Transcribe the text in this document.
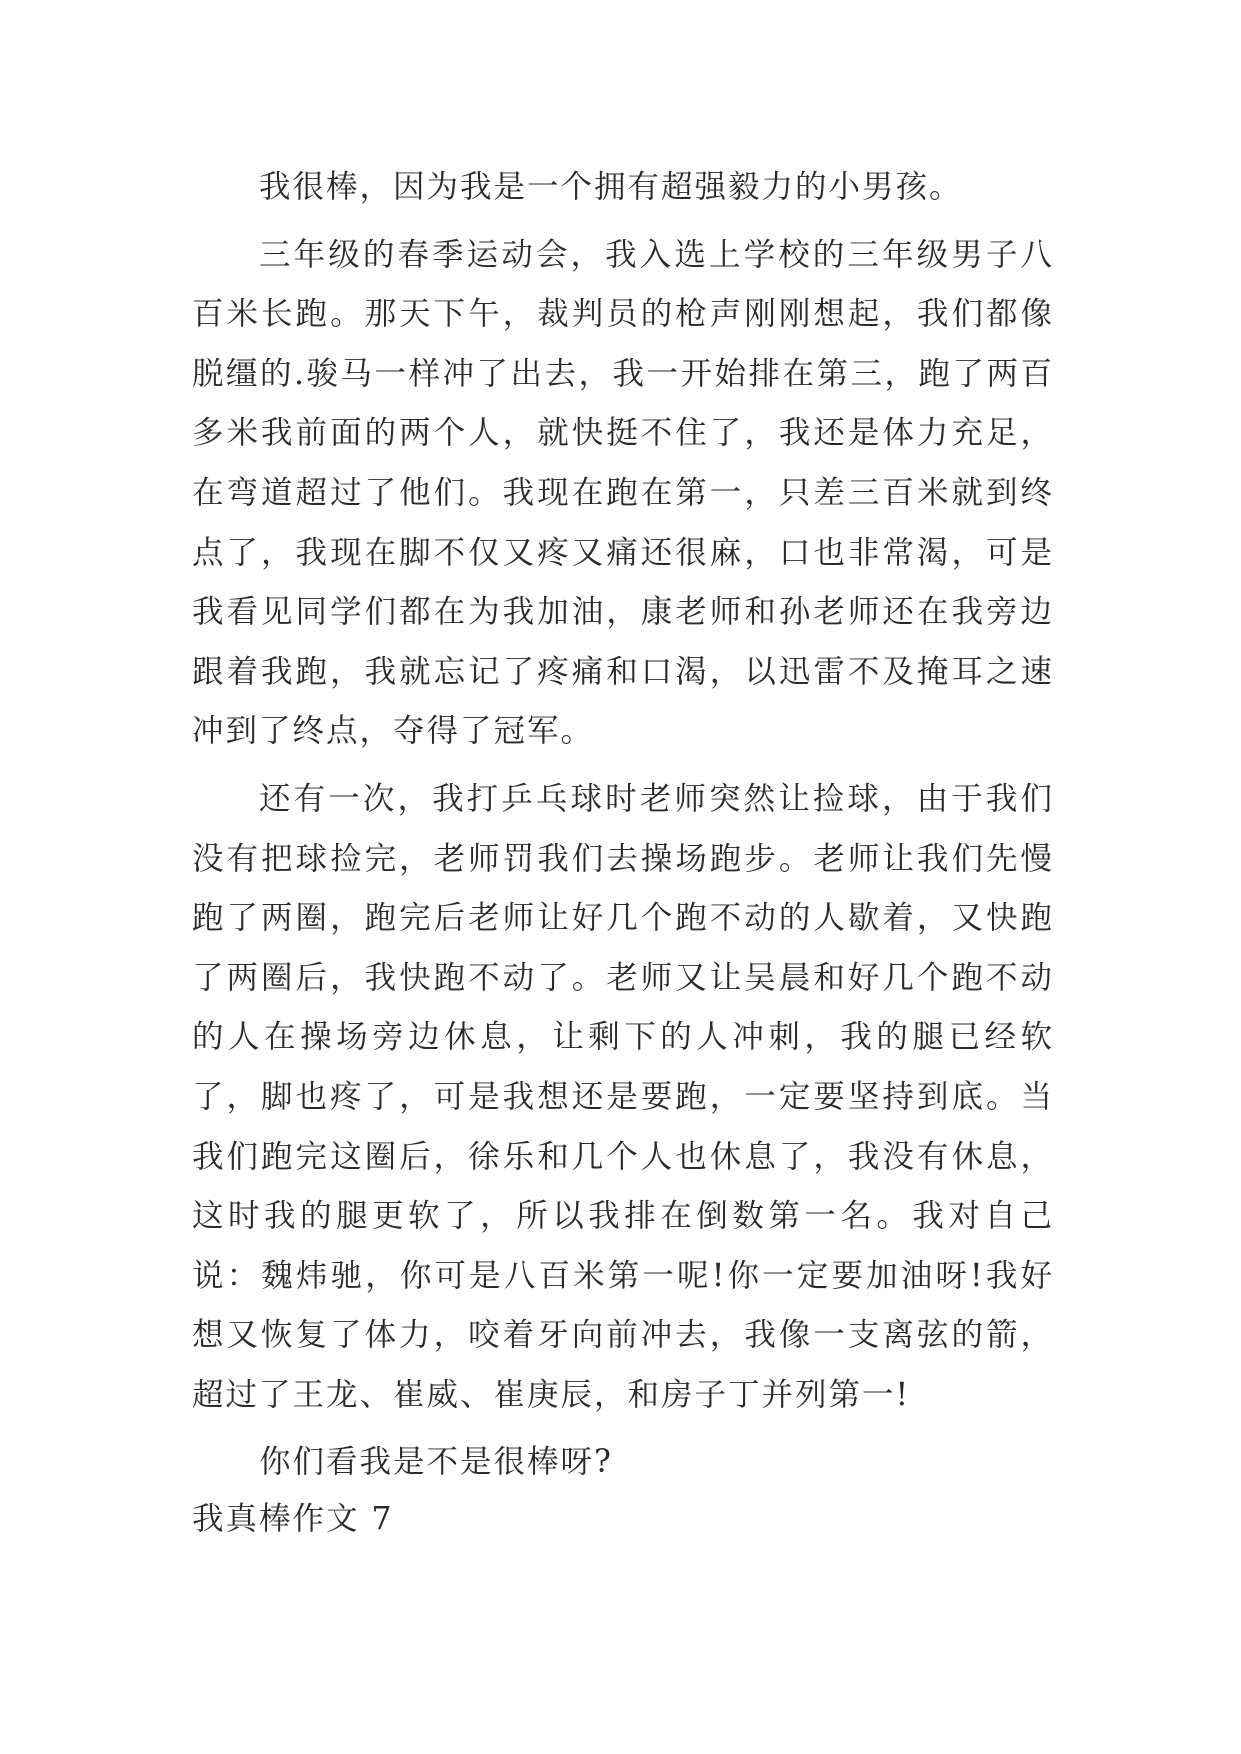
我很棒，因为我是一个拥有超强毅力的小男孩。

三年级的春季运动会，我入选上学校的三年级男子八百米长跑。那天下午，裁判员的枪声刚刚想起，我们都像脱缰的.骏马一样冲了出去，我一开始排在第三，跑了两百多米我前面的两个人，就快挺不住了，我还是体力充足，在弯道超过了他们。我现在跑在第一，只差三百米就到终点了，我现在脚不仅又疼又痛还很麻，口也非常渴，可是我看见同学们都在为我加油，康老师和孙老师还在我旁边跟着我跑，我就忘记了疼痛和口渴，以迅雷不及掩耳之速冲到了终点，夺得了冠军。

还有一次，我打乒乓球时老师突然让捡球，由于我们没有把球捡完，老师罚我们去操场跑步。老师让我们先慢跑了两圈，跑完后老师让好几个跑不动的人歇着，又快跑了两圈后，我快跑不动了。老师又让吴晨和好几个跑不动的人在操场旁边休息，让剩下的人冲刺，我的腿已经软了，脚也疼了，可是我想还是要跑，一定要坚持到底。当我们跑完这圈后，徐乐和几个人也休息了，我没有休息，这时我的腿更软了，所以我排在倒数第一名。我对自己说：魏炜驰，你可是八百米第一呢!你一定要加油呀!我好想又恢复了体力，咬着牙向前冲去，我像一支离弦的箭，超过了王龙、崔威、崔庚辰，和房子丁并列第一!

你们看我是不是很棒呀?

我真棒作文 7
